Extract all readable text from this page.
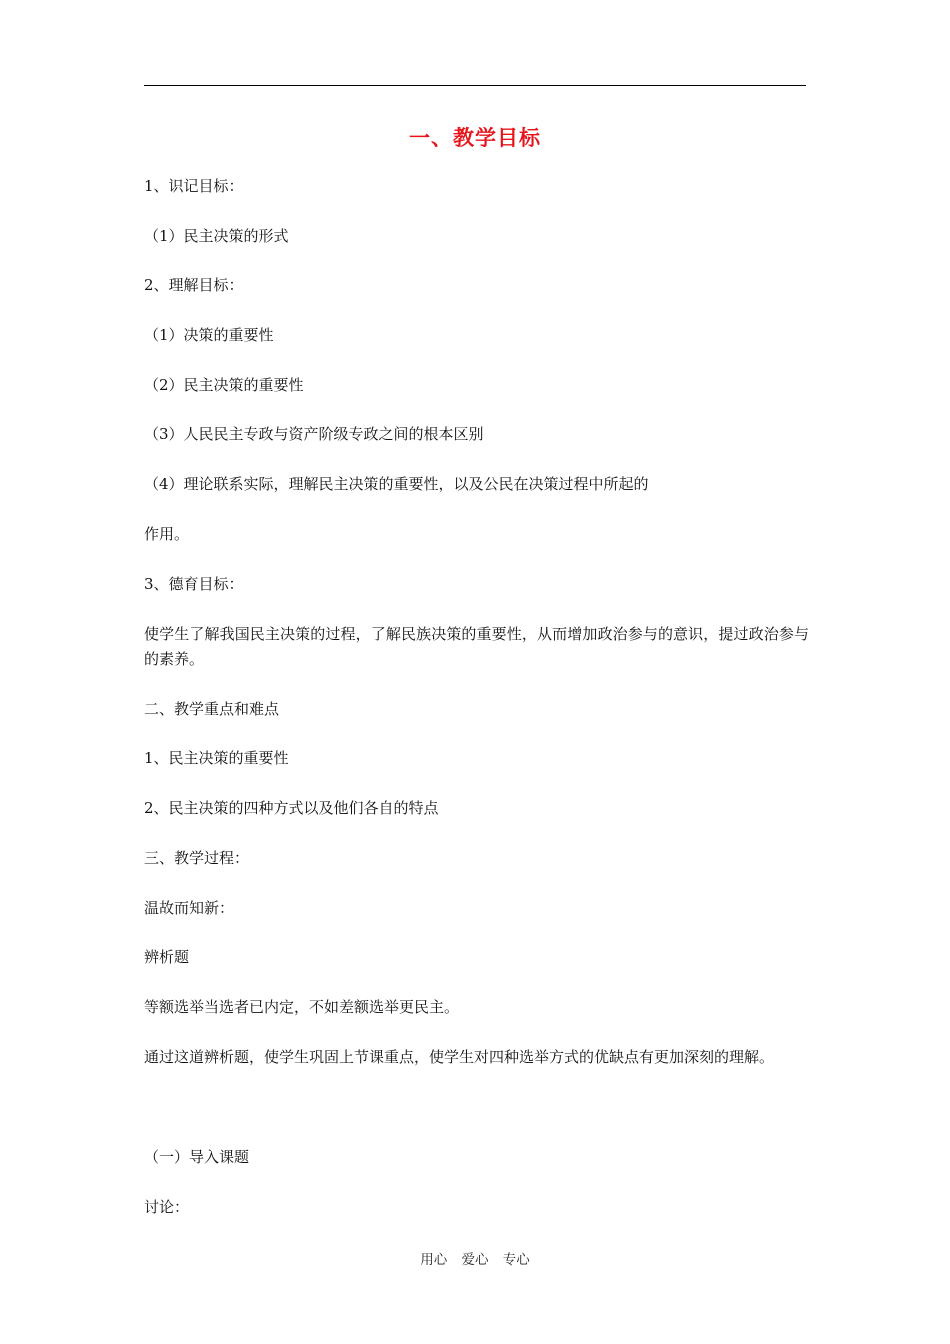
一、教学目标
1、识记目标：
（1）民主决策的形式
2、理解目标：
（1）决策的重要性
（2）民主决策的重要性
（3）人民民主专政与资产阶级专政之间的根本区别
（4）理论联系实际，理解民主决策的重要性，以及公民在决策过程中所起的
作用。
3、德育目标：
使学生了解我国民主决策的过程，了解民族决策的重要性，从而增加政治参与的意识，提过政治参与的素养。
二、教学重点和难点
1、民主决策的重要性
2、民主决策的四种方式以及他们各自的特点
三、教学过程：
温故而知新：
辨析题
等额选举当选者已内定，不如差额选举更民主。
通过这道辨析题，使学生巩固上节课重点，使学生对四种选举方式的优缺点有更加深刻的理解。
（一）导入课题
讨论：
用心 爱心 专心
